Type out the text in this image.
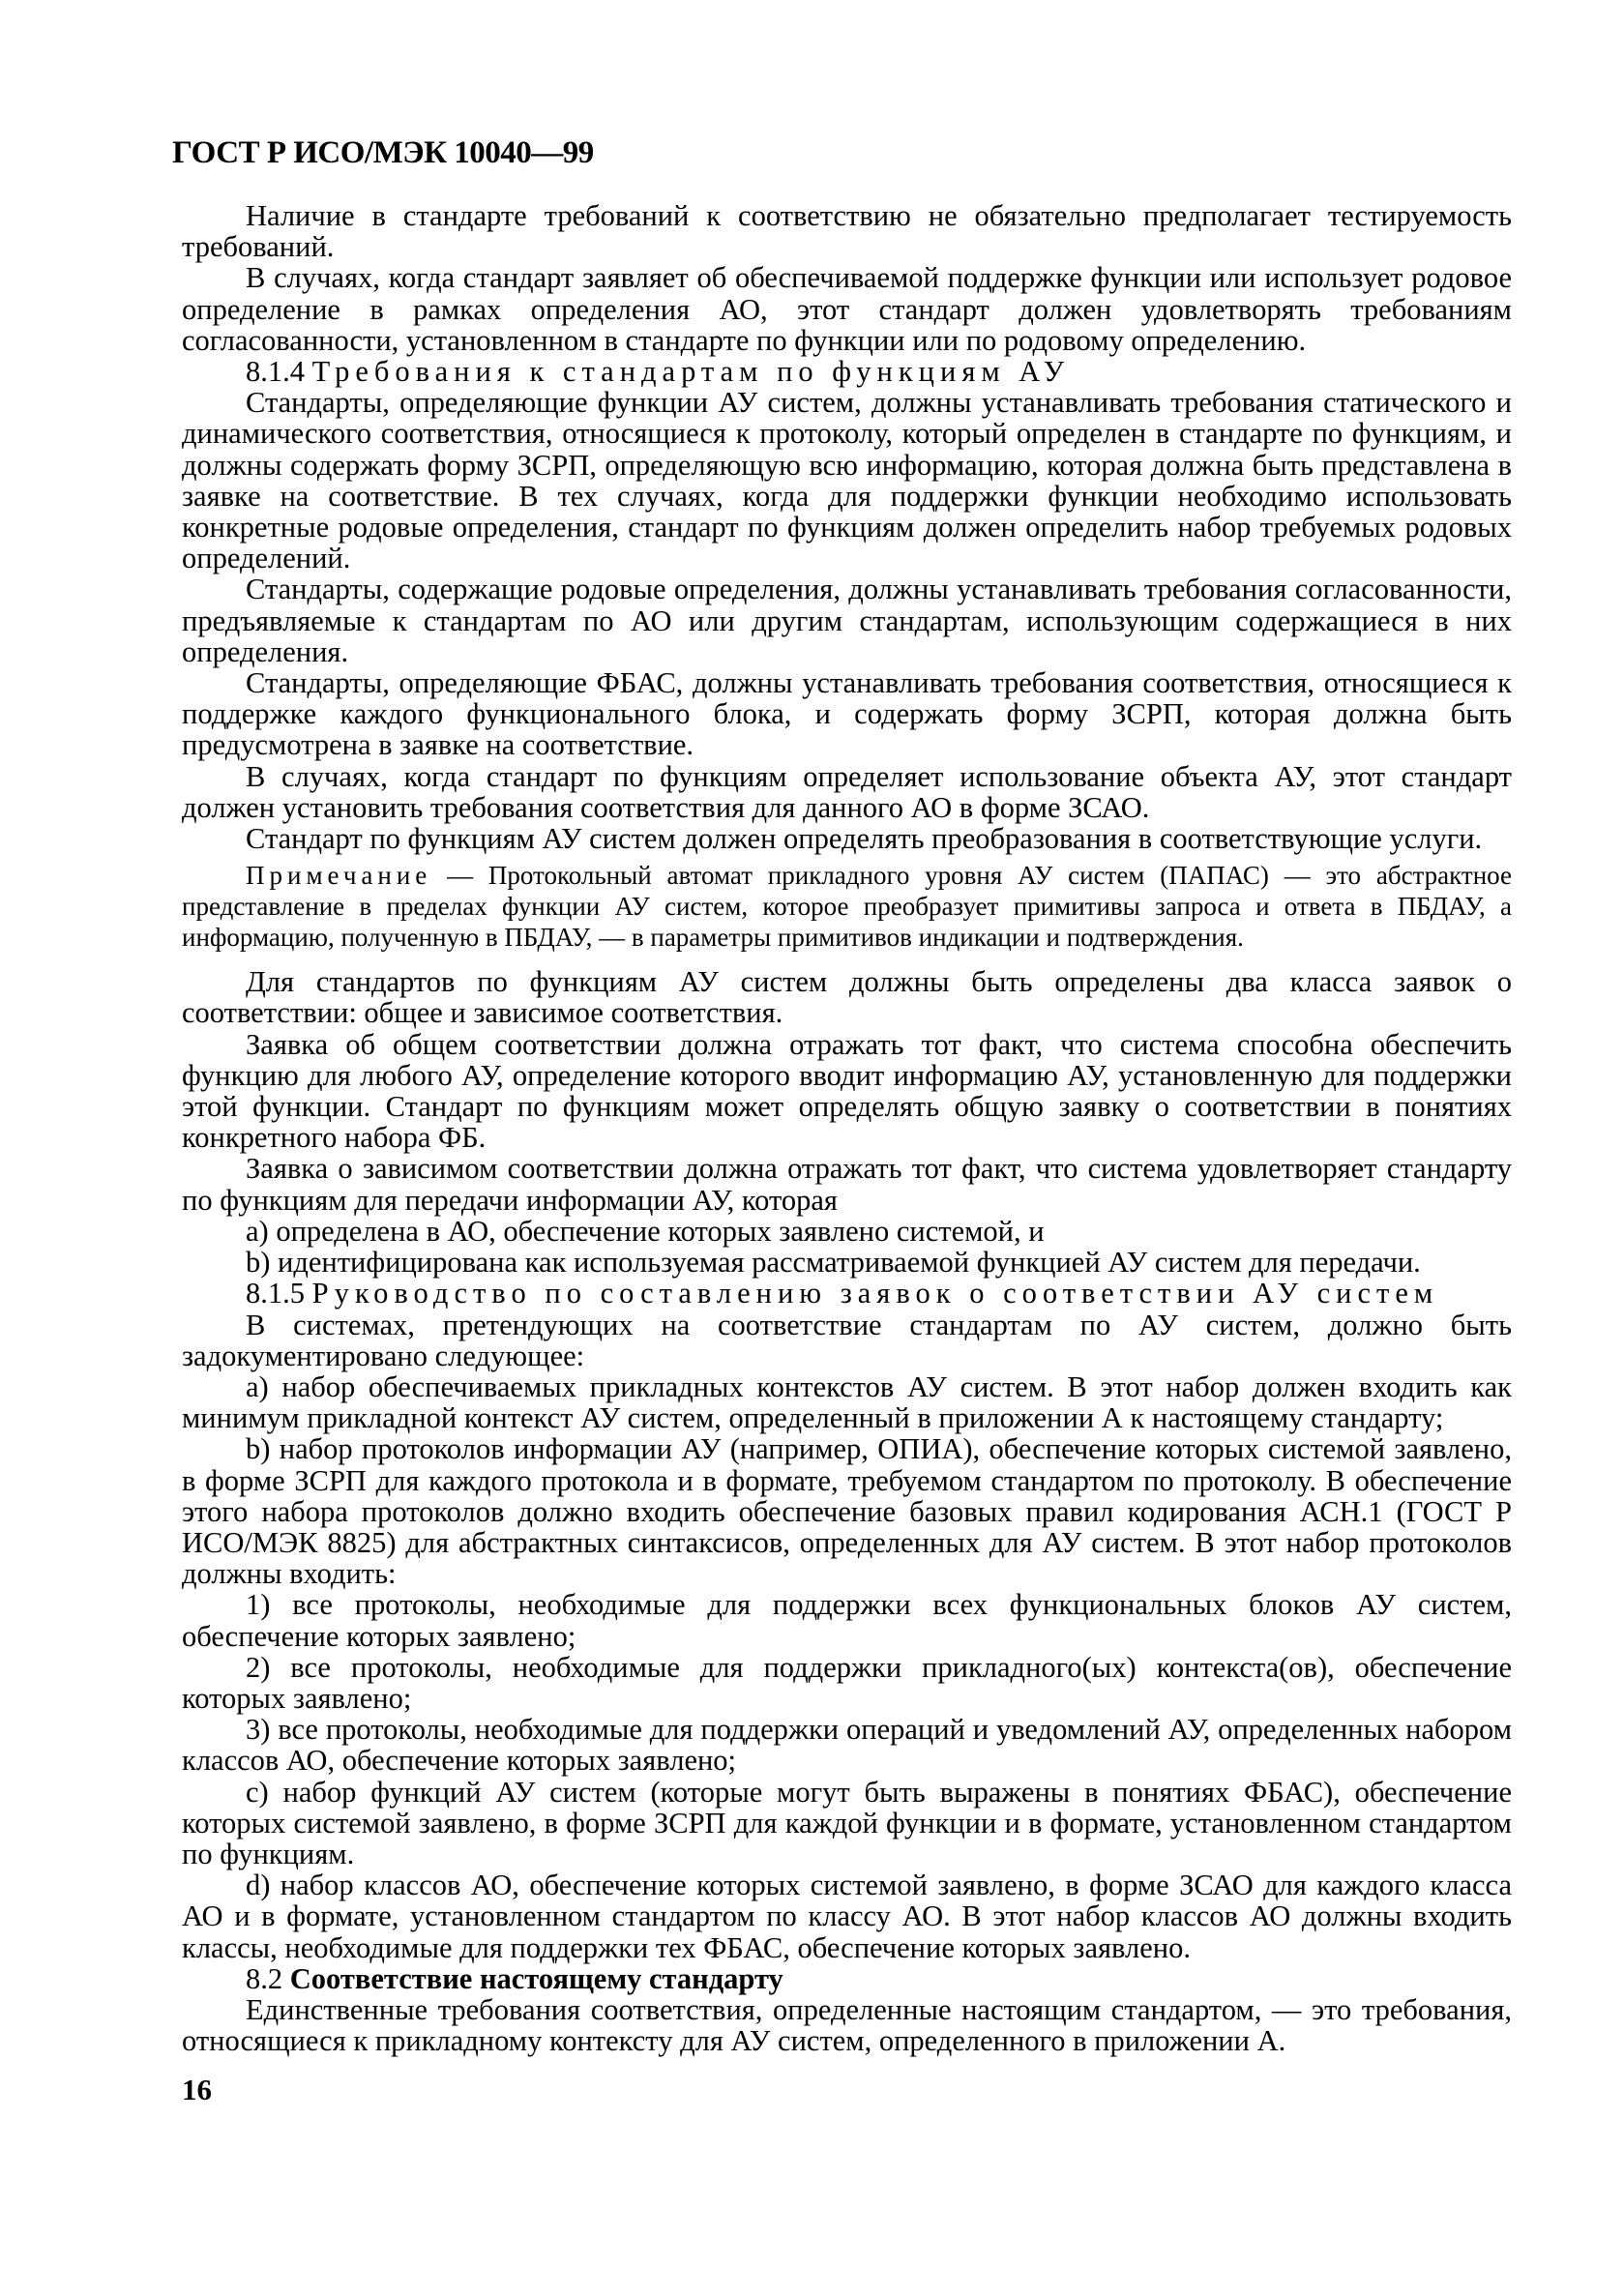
ГОСТ Р ИСО/МЭК 10040—99

Наличие в стандарте требований к соответствию не обязательно предполагает тестируемость требований.

В случаях, когда стандарт заявляет об обеспечиваемой поддержке функции или использует родовое определение в рамках определения АО, этот стандарт должен удовлетворять требованиям согласованности, установленном в стандарте по функции или по родовому определению.

8.1.4 Требования к стандартам по функциям АУ

Стандарты, определяющие функции АУ систем, должны устанавливать требования статического и динамического соответствия, относящиеся к протоколу, который определен в стандарте по функциям, и должны содержать форму ЗСРП, определяющую всю информацию, которая должна быть представлена в заявке на соответствие. В тех случаях, когда для поддержки функции необходимо использовать конкретные родовые определения, стандарт по функциям должен определить набор требуемых родовых определений.

Стандарты, содержащие родовые определения, должны устанавливать требования согласованности, предъявляемые к стандартам по АО или другим стандартам, использующим содержащиеся в них определения.

Стандарты, определяющие ФБАС, должны устанавливать требования соответствия, относящиеся к поддержке каждого функционального блока, и содержать форму ЗСРП, которая должна быть предусмотрена в заявке на соответствие.

В случаях, когда стандарт по функциям определяет использование объекта АУ, этот стандарт должен установить требования соответствия для данного АО в форме ЗСАО.

Стандарт по функциям АУ систем должен определять преобразования в соответствующие услуги.

Примечание — Протокольный автомат прикладного уровня АУ систем (ПАПАС) — это абстрактное представление в пределах функции АУ систем, которое преобразует примитивы запроса и ответа в ПБДАУ, а информацию, полученную в ПБДАУ, — в параметры примитивов индикации и подтверждения.

Для стандартов по функциям АУ систем должны быть определены два класса заявок о соответствии: общее и зависимое соответствия.

Заявка об общем соответствии должна отражать тот факт, что система способна обеспечить функцию для любого АУ, определение которого вводит информацию АУ, установленную для поддержки этой функции. Стандарт по функциям может определять общую заявку о соответствии в понятиях конкретного набора ФБ.

Заявка о зависимом соответствии должна отражать тот факт, что система удовлетворяет стандарту по функциям для передачи информации АУ, которая

a) определена в АО, обеспечение которых заявлено системой, и

b) идентифицирована как используемая рассматриваемой функцией АУ систем для передачи.

8.1.5 Руководство по составлению заявок о соответствии АУ систем

В системах, претендующих на соответствие стандартам по АУ систем, должно быть задокументировано следующее:

a) набор обеспечиваемых прикладных контекстов АУ систем. В этот набор должен входить как минимум прикладной контекст АУ систем, определенный в приложении А к настоящему стандарту;

b) набор протоколов информации АУ (например, ОПИА), обеспечение которых системой заявлено, в форме ЗСРП для каждого протокола и в формате, требуемом стандартом по протоколу. В обеспечение этого набора протоколов должно входить обеспечение базовых правил кодирования АСН.1 (ГОСТ Р ИСО/МЭК 8825) для абстрактных синтаксисов, определенных для АУ систем. В этот набор протоколов должны входить:

1) все протоколы, необходимые для поддержки всех функциональных блоков АУ систем, обеспечение которых заявлено;

2) все протоколы, необходимые для поддержки прикладного(ых) контекста(ов), обеспечение которых заявлено;

3) все протоколы, необходимые для поддержки операций и уведомлений АУ, определенных набором классов АО, обеспечение которых заявлено;

c) набор функций АУ систем (которые могут быть выражены в понятиях ФБАС), обеспечение которых системой заявлено, в форме ЗСРП для каждой функции и в формате, установленном стандартом по функциям.

d) набор классов АО, обеспечение которых системой заявлено, в форме ЗСАО для каждого класса АО и в формате, установленном стандартом по классу АО. В этот набор классов АО должны входить классы, необходимые для поддержки тех ФБАС, обеспечение которых заявлено.

8.2 Соответствие настоящему стандарту

Единственные требования соответствия, определенные настоящим стандартом, — это требования, относящиеся к прикладному контексту для АУ систем, определенного в приложении А.

16
